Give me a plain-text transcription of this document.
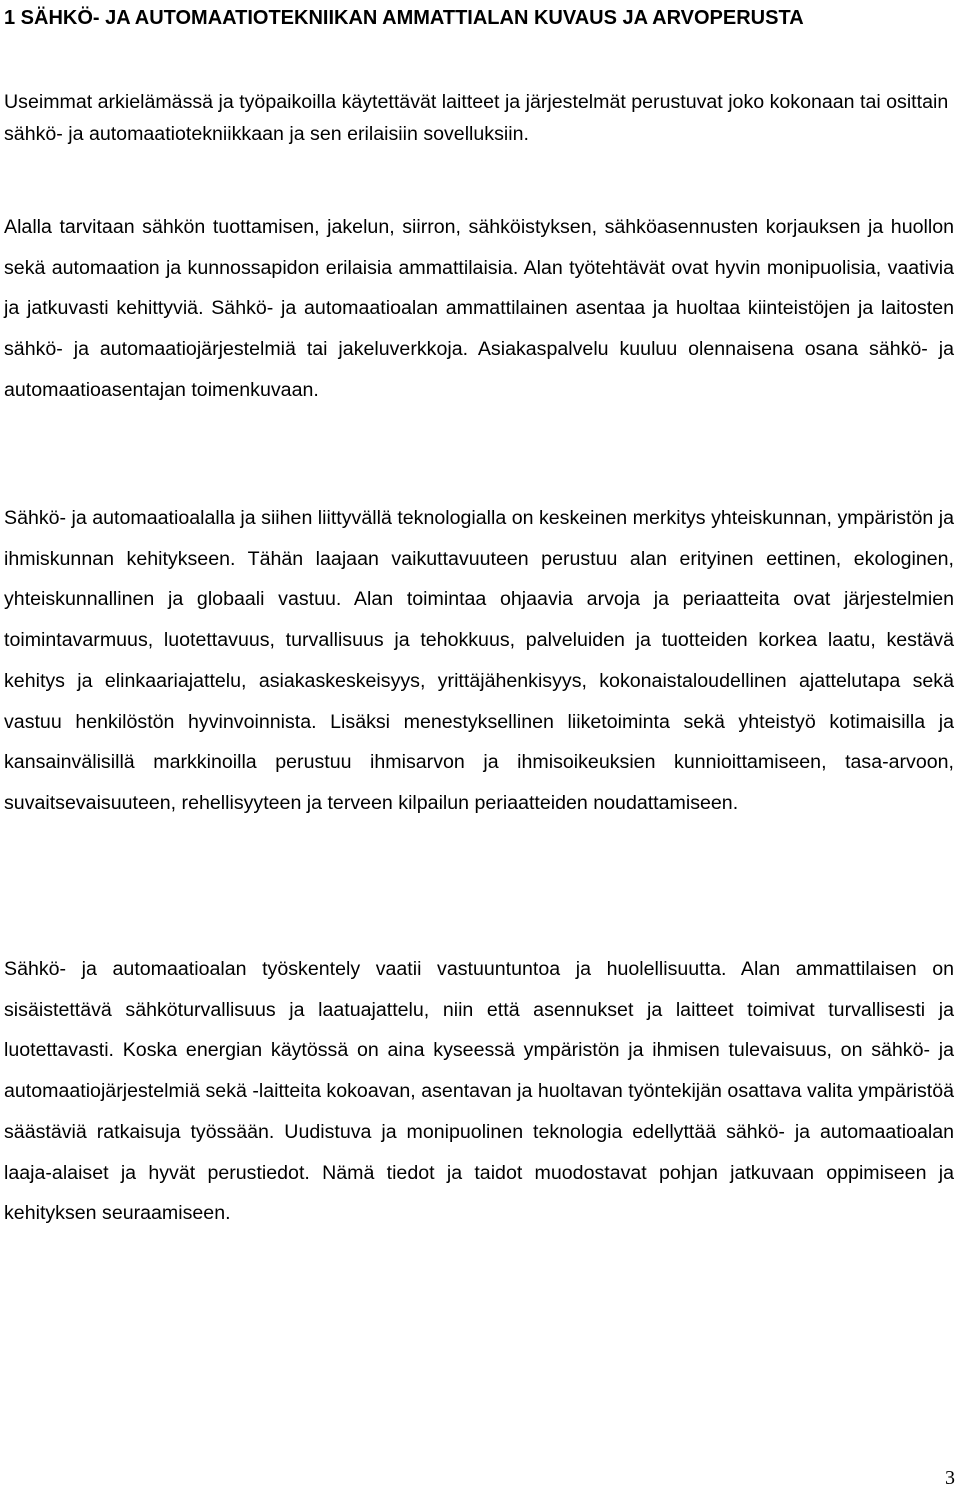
1 SÄHKÖ- JA AUTOMAATIOTEKNIIKAN AMMATTIALAN KUVAUS JA ARVOPERUSTA

Useimmat arkielämässä ja työpaikoilla käytettävät laitteet ja järjestelmät perustuvat joko kokonaan tai osittain sähkö- ja automaatiotekniikkaan ja sen erilaisiin sovelluksiin.

Alalla tarvitaan sähkön tuottamisen, jakelun, siirron, sähköistyksen, sähköasennusten korjauksen ja huollon sekä automaation ja kunnossapidon erilaisia ammattilaisia. Alan työtehtävät ovat hyvin monipuolisia, vaativia ja jatkuvasti kehittyviä. Sähkö- ja automaatioalan ammattilainen asentaa ja huoltaa kiinteistöjen ja laitosten sähkö- ja automaatiojärjestelmiä tai jakeluverkkoja. Asiakaspalvelu kuuluu olennaisena osana sähkö- ja automaatioasentajan toimenkuvaan.

Sähkö- ja automaatioalalla ja siihen liittyvällä teknologialla on keskeinen merkitys yhteiskunnan, ympäristön ja ihmiskunnan kehitykseen. Tähän laajaan vaikuttavuuteen perustuu alan erityinen eettinen, ekologinen, yhteiskunnallinen ja globaali vastuu. Alan toimintaa ohjaavia arvoja ja periaatteita ovat järjestelmien toimintavarmuus, luotettavuus, turvallisuus ja tehokkuus, palveluiden ja tuotteiden korkea laatu, kestävä kehitys ja elinkaariajattelu, asiakaskeskeisyys, yrittäjähenkisyys, kokonaistaloudellinen ajattelutapa sekä vastuu henkilöstön hyvinvoinnista. Lisäksi menestyksellinen liiketoiminta sekä yhteistyö kotimaisilla ja kansainvälisillä markkinoilla perustuu ihmisarvon ja ihmisoikeuksien kunnioittamiseen, tasa-arvoon, suvaitsevaisuuteen, rehellisyyteen ja terveen kilpailun periaatteiden noudattamiseen.

Sähkö- ja automaatioalan työskentely vaatii vastuuntuntoa ja huolellisuutta. Alan ammattilaisen on sisäistettävä sähköturvallisuus ja laatuajattelu, niin että asennukset ja laitteet toimivat turvallisesti ja luotettavasti. Koska energian käytössä on aina kyseessä ympäristön ja ihmisen tulevaisuus, on sähkö- ja automaatiojärjestelmiä sekä -laitteita kokoavan, asentavan ja huoltavan työntekijän osattava valita ympäristöä säästäviä ratkaisuja työssään. Uudistuva ja monipuolinen teknologia edellyttää sähkö- ja automaatioalan laaja-alaiset ja hyvät perustiedot. Nämä tiedot ja taidot muodostavat pohjan jatkuvaan oppimiseen ja kehityksen seuraamiseen.

3
